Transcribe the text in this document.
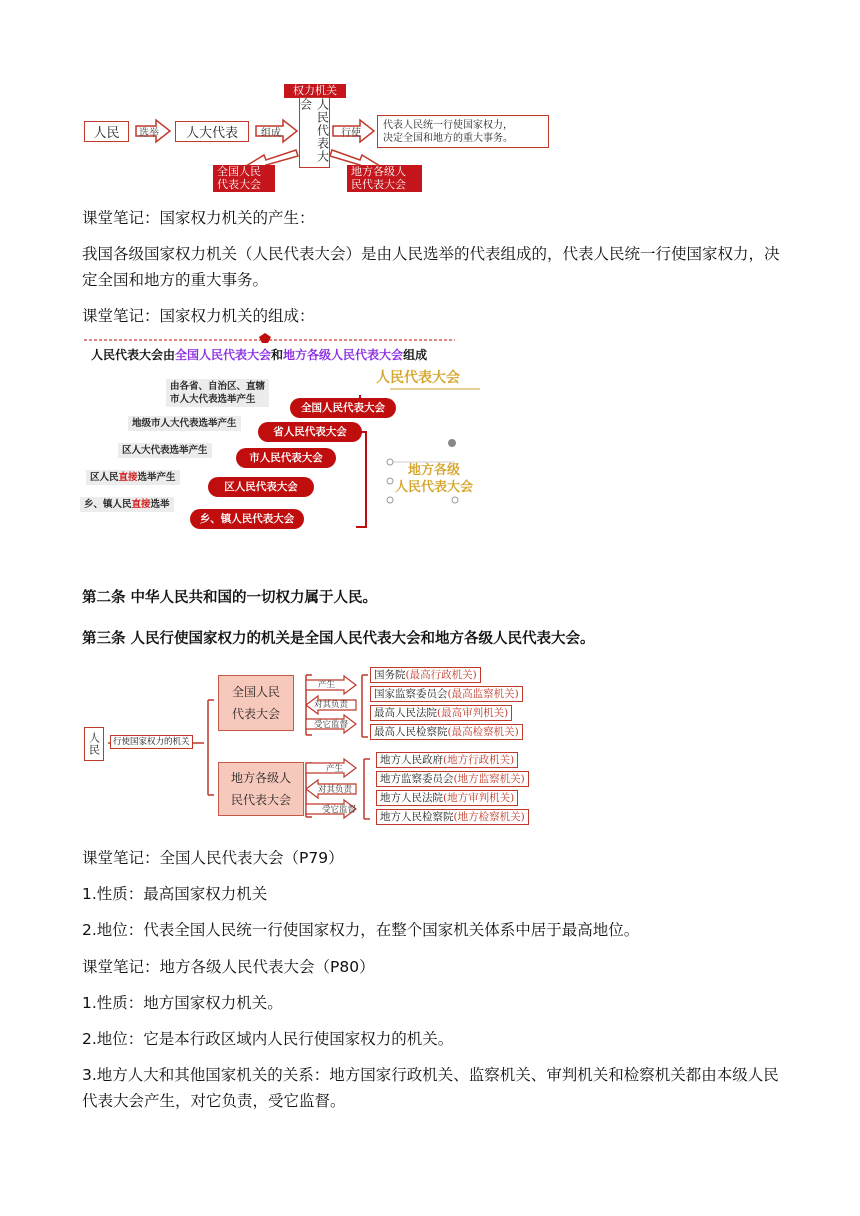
人民 选举 人大代表 组成
权力机关
人民代表大会
行使
代表人民统一行使国家权力，
决定全国和地方的重大事务。
全国人民
代表大会
地方各级人
民代表大会
课堂笔记：国家权力机关的产生：
我国各级国家权力机关（人民代表大会）是由人民选举的代表组成的，代表人民统一行使国家权力，决定全国和地方的重大事务。
课堂笔记：国家权力机关的组成：
人民代表大会由全国人民代表大会和地方各级人民代表大会组成
人民代表大会
地方各级
人民代表大会
由各省、自治区、直辖
市人大代表选举产生
全国人民代表大会
地级市人大代表选举产生
省人民代表大会
区人大代表选举产生
市人民代表大会
区人民直接选举产生
区人民代表大会
乡、镇人民直接选举
乡、镇人民代表大会
第二条 中华人民共和国的一切权力属于人民。
第三条 人民行使国家权力的机关是全国人民代表大会和地方各级人民代表大会。
人民	行使国家权力的机关
全国人民
代表大会
地方各级人
民代表大会
产生
对其负责
受它监督
产生
对其负责
受它监督
国务院(最高行政机关)
国家监察委员会(最高监察机关)
最高人民法院(最高审判机关)
最高人民检察院(最高检察机关)
地方人民政府(地方行政机关)
地方监察委员会(地方监察机关)
地方人民法院(地方审判机关)
地方人民检察院(地方检察机关)
课堂笔记：全国人民代表大会（P79）
1.性质：最高国家权力机关
2.地位：代表全国人民统一行使国家权力，在整个国家机关体系中居于最高地位。
课堂笔记：地方各级人民代表大会（P80）
1.性质：地方国家权力机关。
2.地位：它是本行政区域内人民行使国家权力的机关。
3.地方人大和其他国家机关的关系：地方国家行政机关、监察机关、审判机关和检察机关都由本级人民代表大会产生，对它负责，受它监督。
